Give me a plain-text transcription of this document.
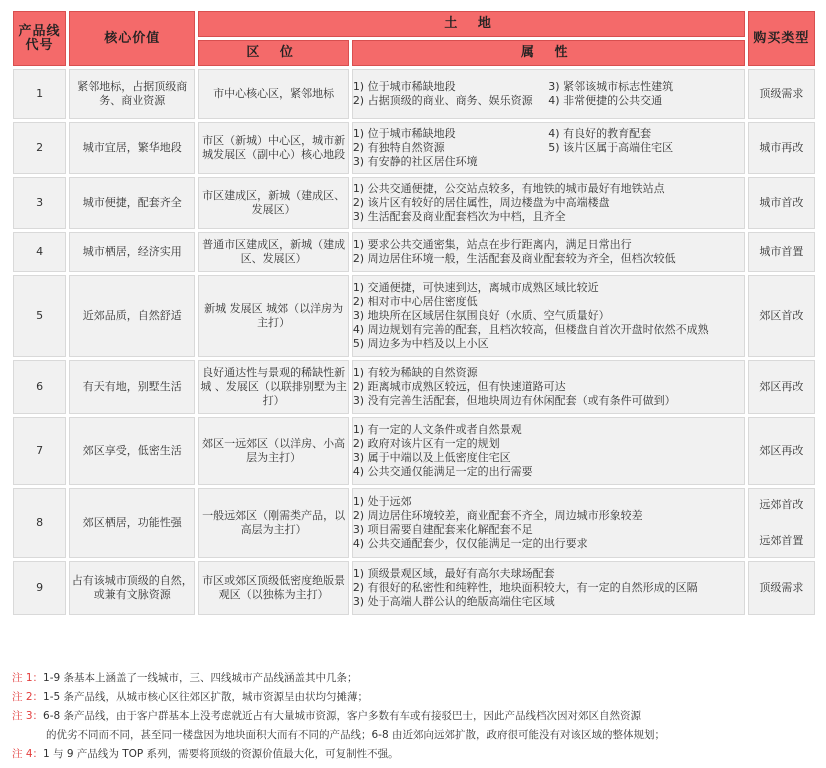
产品线代号	核心价值	土 地		购买类型
		区 位	属 性	
1	紧邻地标，占据顶级商务、商业资源	市中心核心区，紧邻地标	1) 位于城市稀缺地段 3) 紧邻该城市标志性建筑
2) 占据顶级的商业、商务、娱乐资源 4) 非常便捷的公共交通	顶级需求
2	城市宜居，繁华地段	市区（新城）中心区，城市新城发展区（副中心）核心地段	1) 位于城市稀缺地段 4) 有良好的教育配套
2) 有独特自然资源 5) 该片区属于高端住宅区
3) 有安静的社区居住环境	城市再改
3	城市便捷，配套齐全	市区建成区，新城（建成区、发展区）	1) 公共交通便捷，公交站点较多，有地铁的城市最好有地铁站点
2) 该片区有较好的居住属性，周边楼盘为中高端楼盘
3) 生活配套及商业配套档次为中档，且齐全	城市首改
4	城市栖居，经济实用	普通市区建成区，新城（建成区、发展区）	1) 要求公共交通密集，站点在步行距离内，满足日常出行
2) 周边居住环境一般，生活配套及商业配套较为齐全，但档次较低	城市首置
5	近郊品质，自然舒适	新城 发展区 城郊（以洋房为主打）	1) 交通便捷，可快速到达，离城市成熟区域比较近
2) 相对市中心居住密度低
3) 地块所在区域居住氛围良好（水质、空气质量好）
4) 周边规划有完善的配套，且档次较高，但楼盘自首次开盘时依然不成熟
5) 周边多为中档及以上小区	郊区首改
6	有天有地，别墅生活	良好通达性与景观的稀缺性新城 、发展区（以联排别墅为主打）	1) 有较为稀缺的自然资源
2) 距离城市成熟区较远，但有快速道路可达
3) 没有完善生活配套，但地块周边有休闲配套（或有条件可做到）	郊区再改
7	郊区享受，低密生活	郊区一远郊区（以洋房、小高层为主打）	1) 有一定的人文条件或者自然景观
2) 政府对该片区有一定的规划
3) 属于中端以及上低密度住宅区
4) 公共交通仅能满足一定的出行需要	郊区再改
8	郊区栖居，功能性强	一般远郊区（刚需类产品，以高层为主打）	1) 处于远郊
2) 周边居住环境较差，商业配套不齐全，周边城市形象较差
3) 项目需要自建配套来化解配套不足
4) 公共交通配套少，仅仅能满足一定的出行要求	远郊首改
远郊首置

9	占有该城市顶级的自然，或兼有文脉资源	市区或郊区顶级低密度绝版景观区（以独栋为主打）	1) 顶级景观区域，最好有高尔夫球场配套
2) 有很好的私密性和纯粹性，地块面积较大，有一定的自然形成的区隔
3) 处于高端人群公认的绝版高端住宅区域	顶级需求
注 1： 1-9 条基本上涵盖了一线城市，三、四线城市产品线涵盖其中几条；
注 2： 1-5 条产品线，从城市核心区往郊区扩散，城市资源呈由状均匀摊薄；
注 3： 6-8 条产品线，由于客户群基本上没考虑就近占有大量城市资源，客户多数有车或有接驳巴士，因此产品线档次因对郊区自然资源
的优劣不同而不同，甚至同一楼盘因为地块面积大而有不同的产品线；6-8 由近郊向远郊扩散，政府很可能没有对该区域的整体规划；
注 4： 1 与 9 产品线为 TOP 系列，需要将顶级的资源价值最大化，可复制性不强。
